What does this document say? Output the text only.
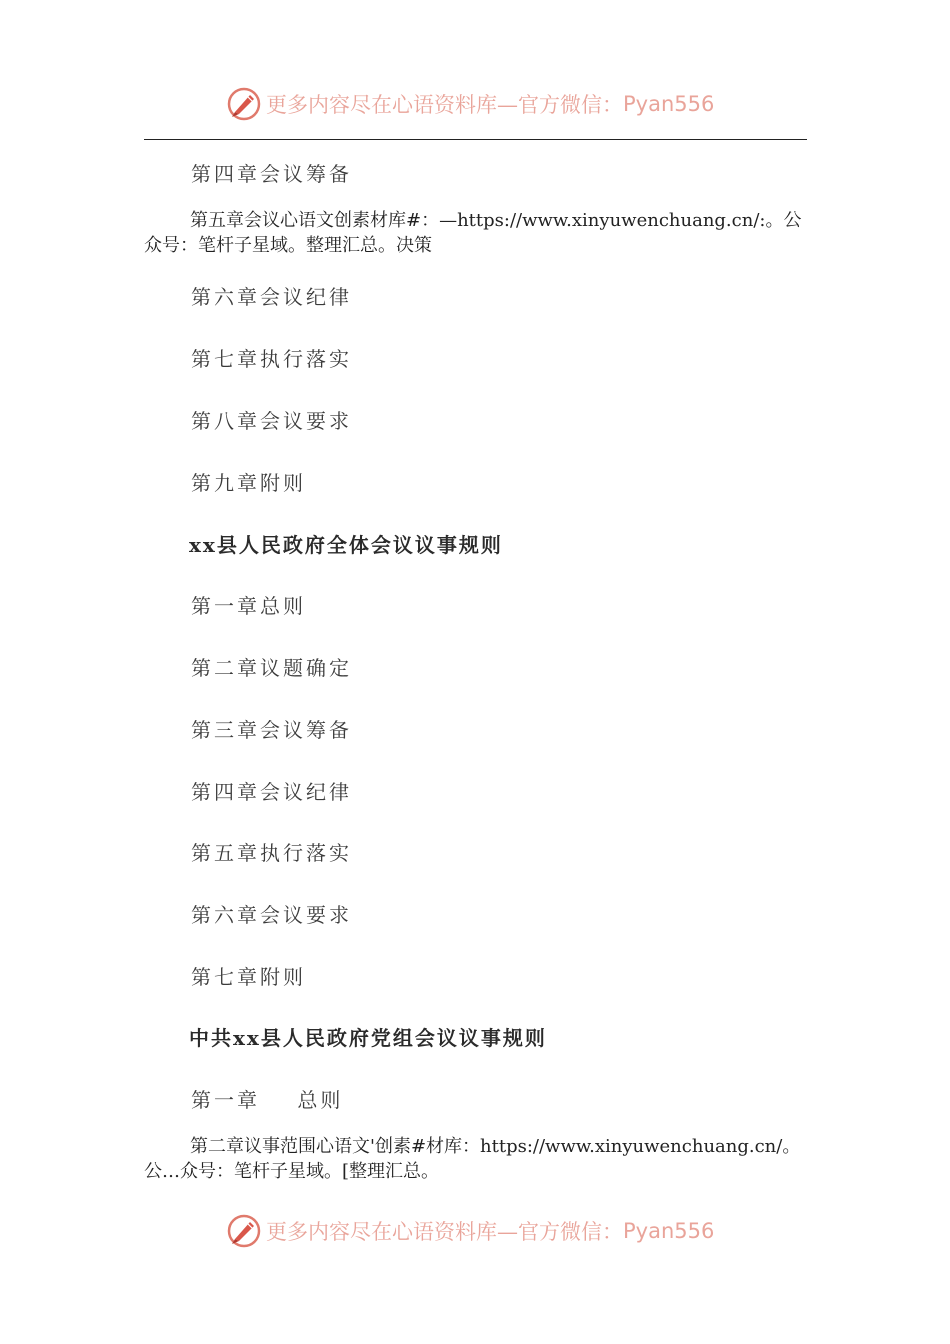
更多内容尽在心语资料库—官方微信： Pyan556
第四章会议筹备
第五章会议心语文创素材库#：—https://www.xinyuwenchuang.cn/:。公众号：笔杆子星域。整理汇总。决策
第六章会议纪律
第七章执行落实
第八章会议要求
第九章附则
xx县人民政府全体会议议事规则
第一章总则
第二章议题确定
第三章会议筹备
第四章会议纪律
第五章执行落实
第六章会议要求
第七章附则
中共xx县人民政府党组会议议事规则
第一章    总则
第二章议事范围心语文'创素#材库：https://www.xinyuwenchuang.cn/。公…众号：笔杆子星域。[整理汇总。
更多内容尽在心语资料库—官方微信： Pyan556
